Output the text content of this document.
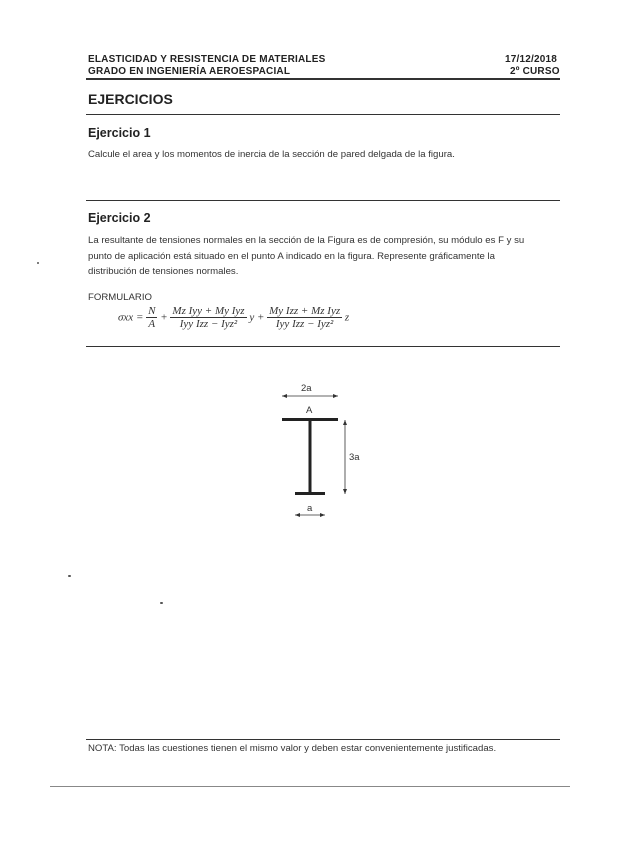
ELASTICIDAD Y RESISTENCIA DE MATERIALES
GRADO EN INGENIERÍA AEROESPACIAL
17/12/2018
2º CURSO
EJERCICIOS
Ejercicio 1
Calcule el area y los momentos de inercia de la sección de pared delgada de la figura.
Ejercicio 2
La resultante de tensiones normales en la sección de la Figura es de compresión, su módulo es F y su
punto de aplicación está situado en el punto A indicado en la figura. Represente gráficamente la
distribución de tensiones normales.
FORMULARIO
$\sigma xx = \frac{N}{A} + \frac{\text{Mz Iyy + My Iyz}}{\text{Iyy Izz − Iyz²}}$ $y + \frac{\text{My Izz + Mz Iyz}}{\text{Iyy Izz − Iyz²}}$ z
2a
A
3a
a
NOTA: Todas las cuestiones tienen el mismo valor y deben estar convenientemente justificadas.
